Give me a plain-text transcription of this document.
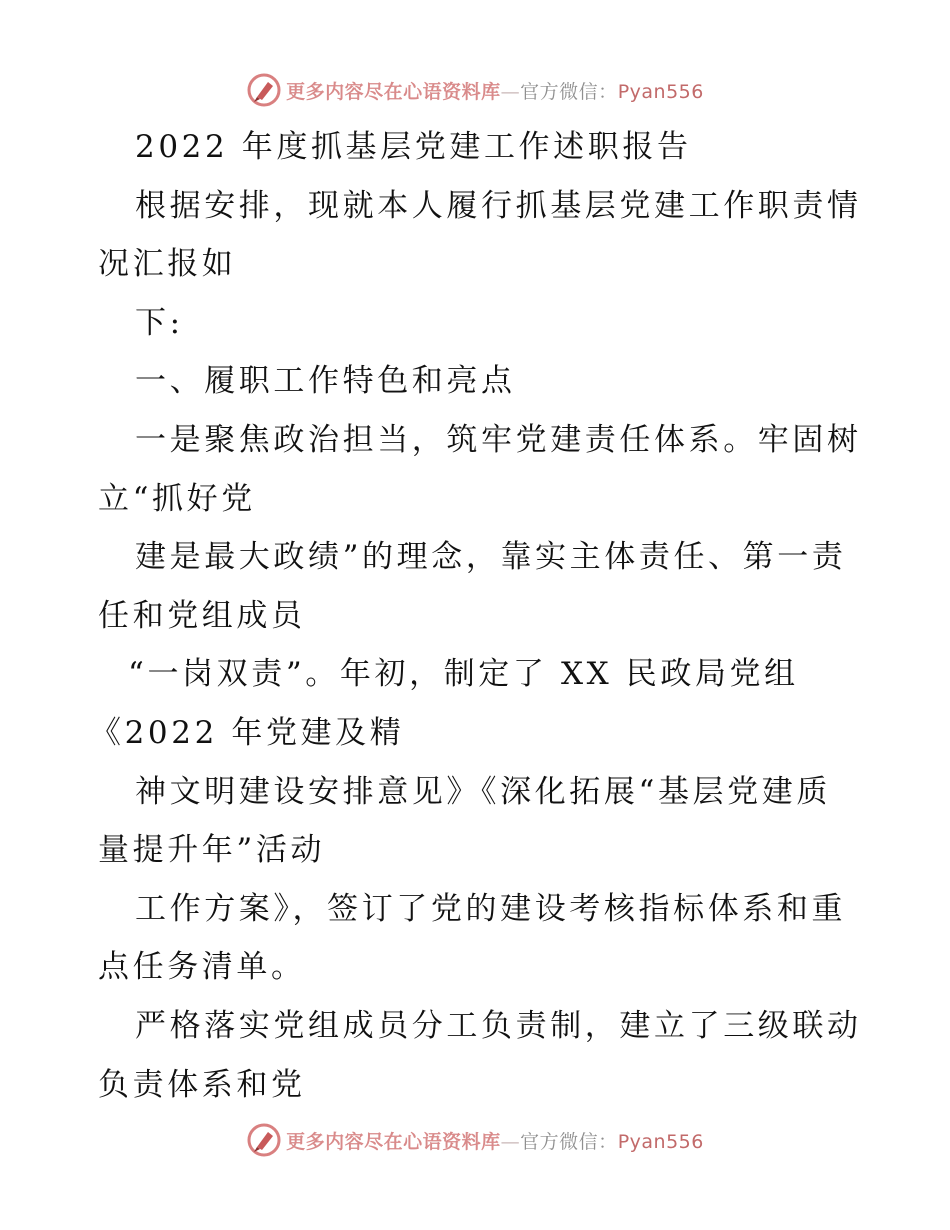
更多内容尽在心语资料库—官方微信：Pyan556
2022 年度抓基层党建工作述职报告
根据安排，现就本人履行抓基层党建工作职责情
况汇报如
下:
一、履职工作特色和亮点
一是聚焦政治担当，筑牢党建责任体系。牢固树
立“抓好党
建是最大政绩”的理念，靠实主体责任、第一责
任和党组成员
“一岗双责”。年初，制定了 XX 民政局党组
《2022 年党建及精
神文明建设安排意见》《深化拓展“基层党建质
量提升年”活动
工作方案》，签订了党的建设考核指标体系和重
点任务清单。
严格落实党组成员分工负责制，建立了三级联动
负责体系和党
更多内容尽在心语资料库—官方微信：Pyan556
